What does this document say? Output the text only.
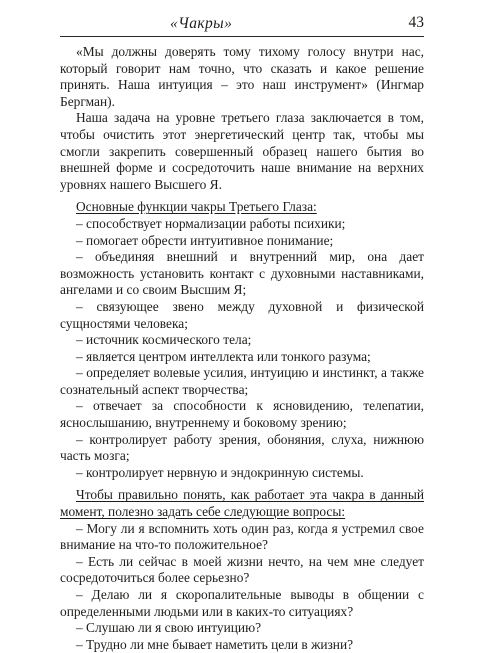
«Чакры»	43

«Мы должны доверять тому тихому голосу внутри нас, который говорит нам точно, что сказать и какое решение принять. Наша интуиция – это наш инструмент» (Ингмар Бергман).

Наша задача на уровне третьего глаза заключается в том, чтобы очистить этот энергетический центр так, чтобы мы смогли закрепить совершенный образец нашего бытия во внешней форме и сосредоточить наше внимание на верхних уровнях нашего Высшего Я.

Основные функции чакры Третьего Глаза:

– способствует нормализации работы психики;
– помогает обрести интуитивное понимание;
– объединяя внешний и внутренний мир, она дает возможность установить контакт с духовными наставниками, ангелами и со своим Высшим Я;
– связующее звено между духовной и физической сущностями человека;
– источник космического тела;
– является центром интеллекта или тонкого разума;
– определяет волевые усилия, интуицию и инстинкт, а также сознательный аспект творчества;
– отвечает за способности к ясновидению, телепатии, яснослышанию, внутреннему и боковому зрению;
– контролирует работу зрения, обоняния, слуха, нижнюю часть мозга;
– контролирует нервную и эндокринную системы.

Чтобы правильно понять, как работает эта чакра в данный момент, полезно задать себе следующие вопросы:

– Могу ли я вспомнить хоть один раз, когда я устремил свое внимание на что-то положительное?
– Есть ли сейчас в моей жизни нечто, на чем мне следует сосредоточиться более серьезно?
– Делаю ли я скоропалительные выводы в общении с определенными людьми или в каких-то ситуациях?
– Слушаю ли я свою интуицию?
– Трудно ли мне бывает наметить цели в жизни?
